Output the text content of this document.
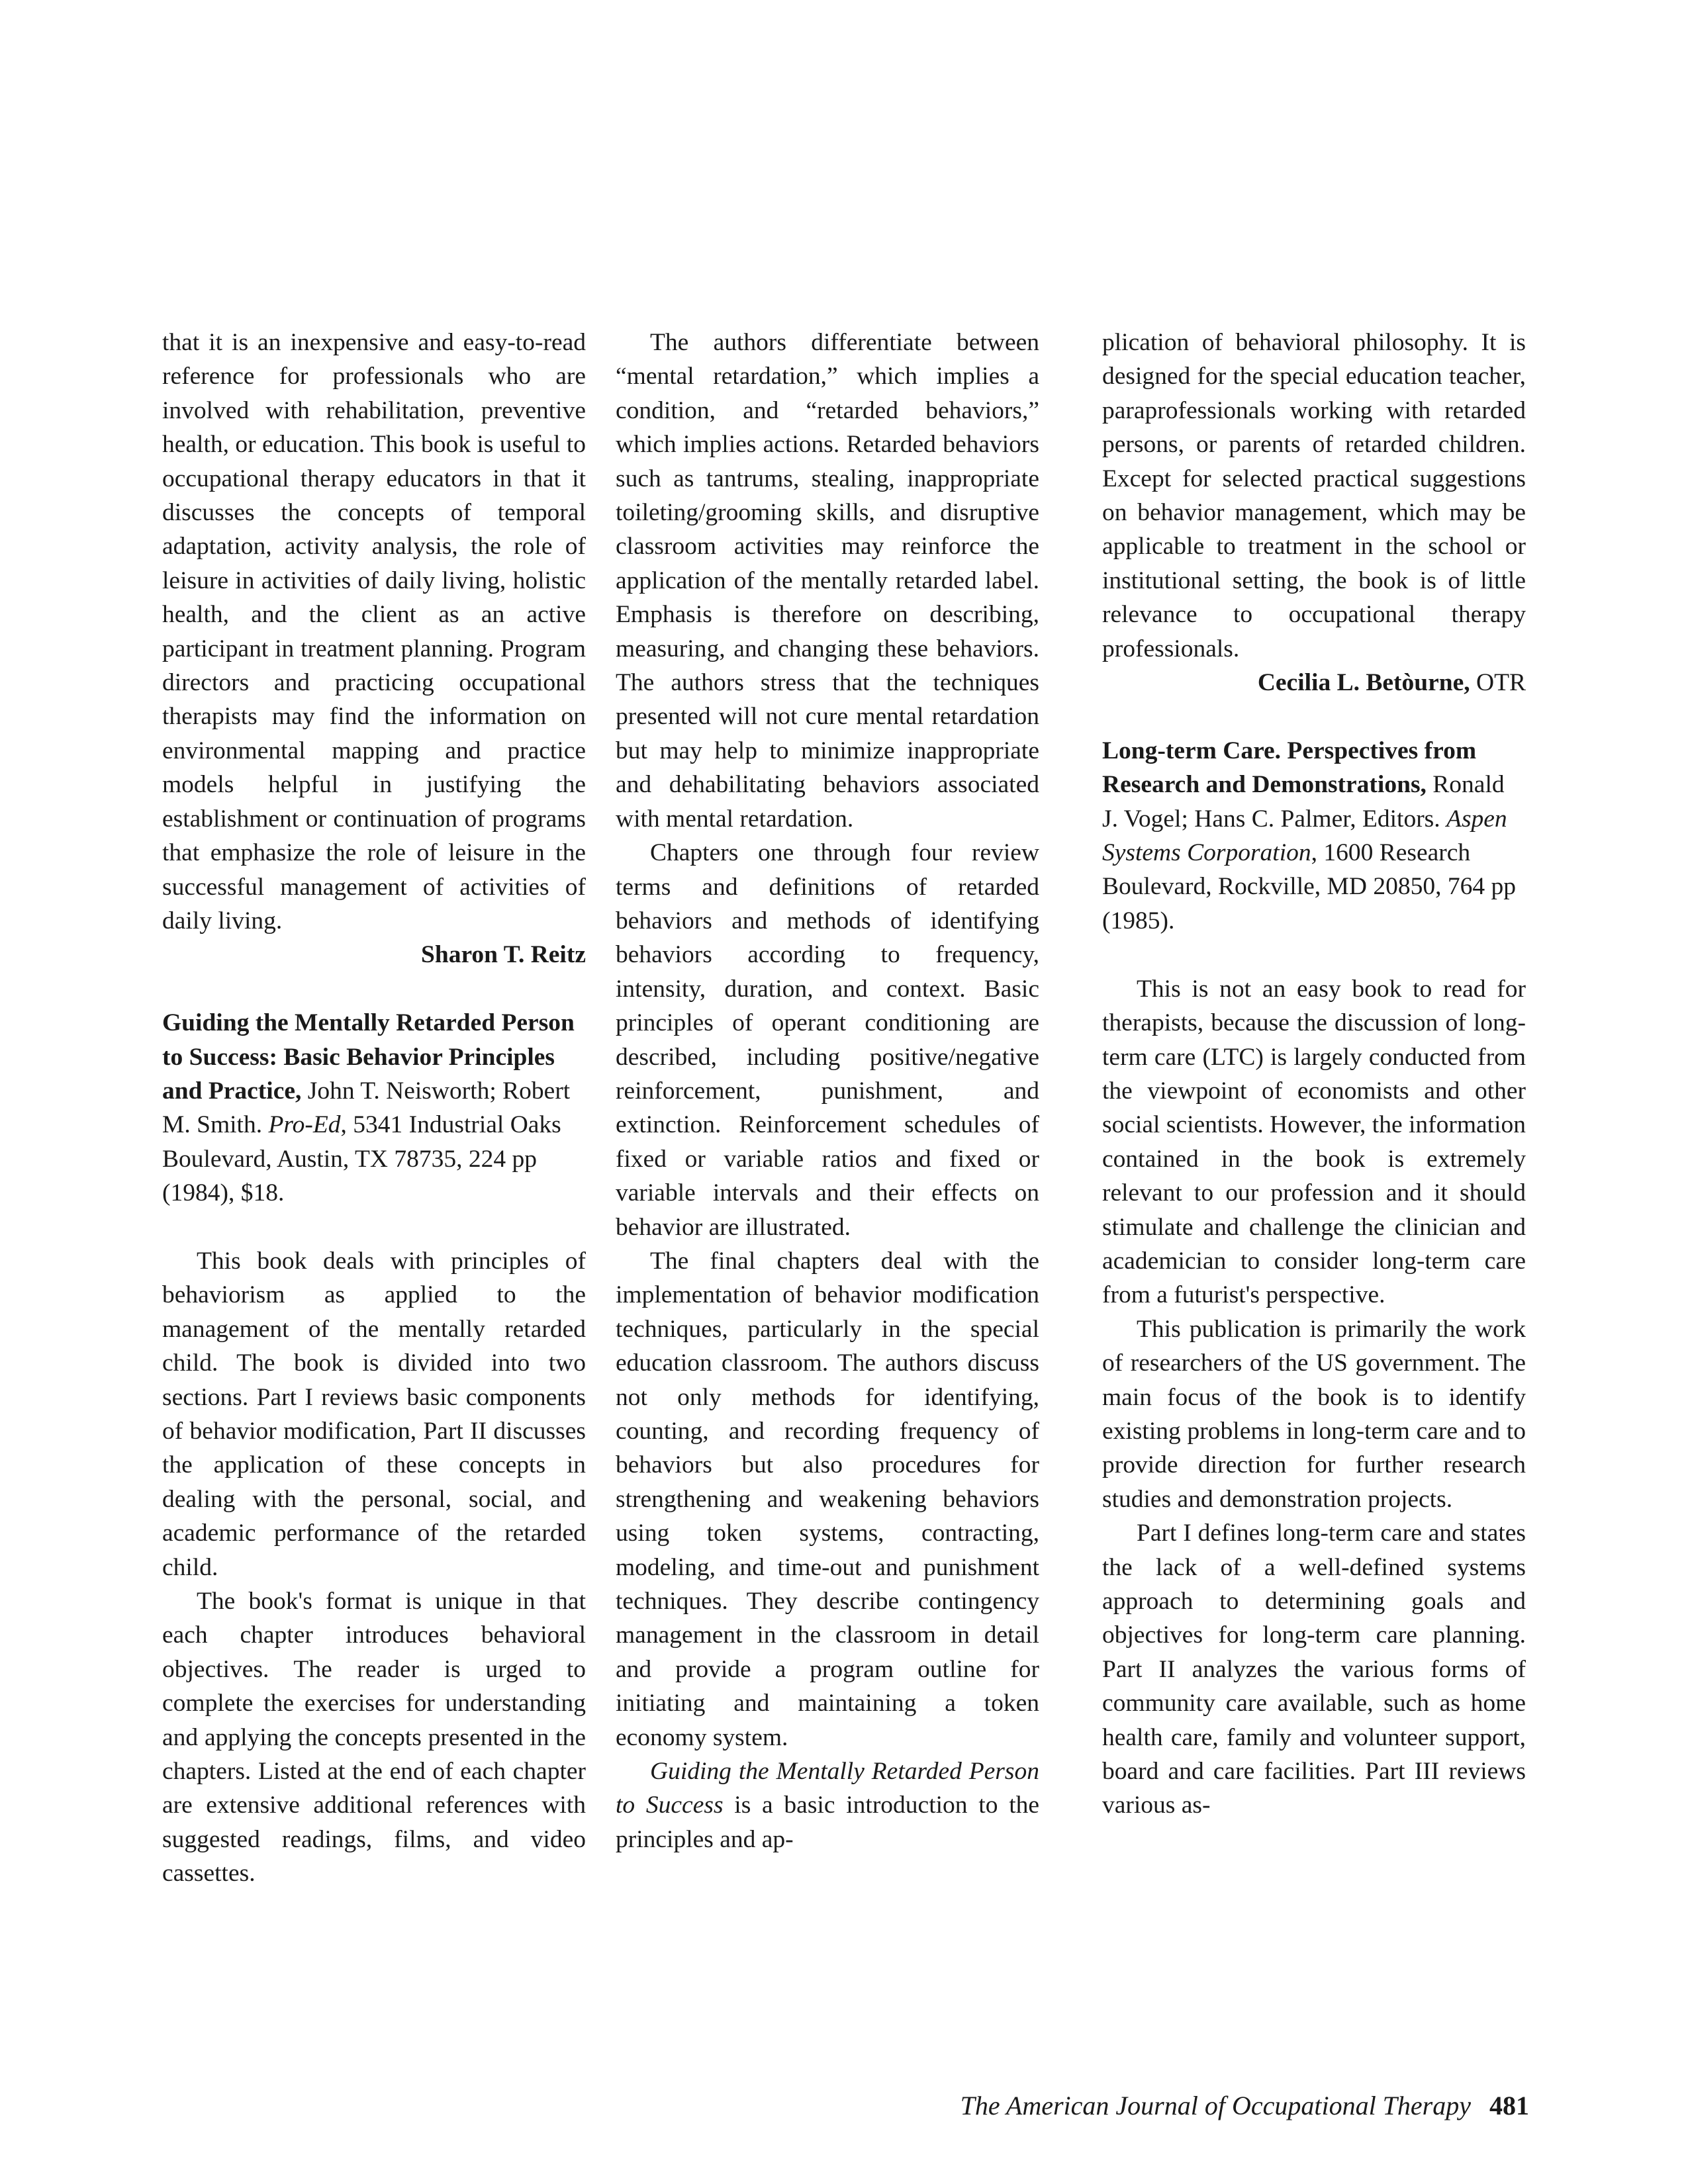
that it is an inexpensive and easy-to-read reference for professionals who are involved with rehabilitation, preventive health, or education. This book is useful to occupational therapy educators in that it discusses the concepts of temporal adaptation, activity analysis, the role of leisure in activities of daily living, holistic health, and the client as an active participant in treatment planning. Program directors and practicing occupational therapists may find the information on environmental mapping and practice models helpful in justifying the establishment or continuation of programs that emphasize the role of leisure in the successful management of activities of daily living.

Sharon T. Reitz

Guiding the Mentally Retarded Person to Success: Basic Behavior Principles and Practice, John T. Neisworth; Robert M. Smith. Pro-Ed, 5341 Industrial Oaks Boulevard, Austin, TX 78735, 224 pp (1984), $18.

This book deals with principles of behaviorism as applied to the management of the mentally retarded child. The book is divided into two sections. Part I reviews basic components of behavior modification, Part II discusses the application of these concepts in dealing with the personal, social, and academic performance of the retarded child.

The book's format is unique in that each chapter introduces behavioral objectives. The reader is urged to complete the exercises for understanding and applying the concepts presented in the chapters. Listed at the end of each chapter are extensive additional references with suggested readings, films, and video cassettes.

The authors differentiate between “mental retardation,” which implies a condition, and “retarded behaviors,” which implies actions. Retarded behaviors such as tantrums, stealing, inappropriate toileting/grooming skills, and disruptive classroom activities may reinforce the application of the mentally retarded label. Emphasis is therefore on describing, measuring, and changing these behaviors. The authors stress that the techniques presented will not cure mental retardation but may help to minimize inappropriate and dehabilitating behaviors associated with mental retardation.

Chapters one through four review terms and definitions of retarded behaviors and methods of identifying behaviors according to frequency, intensity, duration, and context. Basic principles of operant conditioning are described, including positive/negative reinforcement, punishment, and extinction. Reinforcement schedules of fixed or variable ratios and fixed or variable intervals and their effects on behavior are illustrated.

The final chapters deal with the implementation of behavior modification techniques, particularly in the special education classroom. The authors discuss not only methods for identifying, counting, and recording frequency of behaviors but also procedures for strengthening and weakening behaviors using token systems, contracting, modeling, and time-out and punishment techniques. They describe contingency management in the classroom in detail and provide a program outline for initiating and maintaining a token economy system.

Guiding the Mentally Retarded Person to Success is a basic introduction to the principles and ap-

plication of behavioral philosophy. It is designed for the special education teacher, paraprofessionals working with retarded persons, or parents of retarded children. Except for selected practical suggestions on behavior management, which may be applicable to treatment in the school or institutional setting, the book is of little relevance to occupational therapy professionals.

Cecilia L. Betòurne, OTR

Long-term Care. Perspectives from Research and Demonstrations, Ronald J. Vogel; Hans C. Palmer, Editors. Aspen Systems Corporation, 1600 Research Boulevard, Rockville, MD 20850, 764 pp (1985).

This is not an easy book to read for therapists, because the discussion of long-term care (LTC) is largely conducted from the viewpoint of economists and other social scientists. However, the information contained in the book is extremely relevant to our profession and it should stimulate and challenge the clinician and academician to consider long-term care from a futurist's perspective.

This publication is primarily the work of researchers of the US government. The main focus of the book is to identify existing problems in long-term care and to provide direction for further research studies and demonstration projects.

Part I defines long-term care and states the lack of a well-defined systems approach to determining goals and objectives for long-term care planning. Part II analyzes the various forms of community care available, such as home health care, family and volunteer support, board and care facilities. Part III reviews various as-

The American Journal of Occupational Therapy 481
